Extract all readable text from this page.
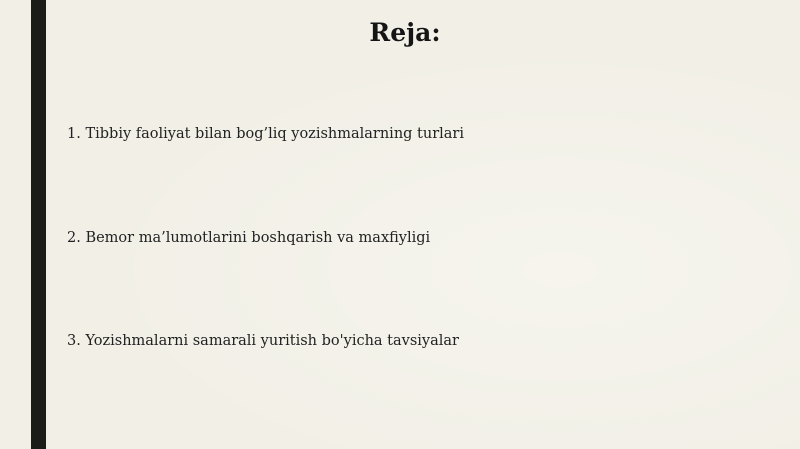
Reja:
1. Tibbiy faoliyat bilan bog’liq yozishmalarning turlari
2. Bemor ma’lumotlarini boshqarish va maxfiyligi
3. Yozishmalarni samarali yuritish bo'yicha tavsiyalar
